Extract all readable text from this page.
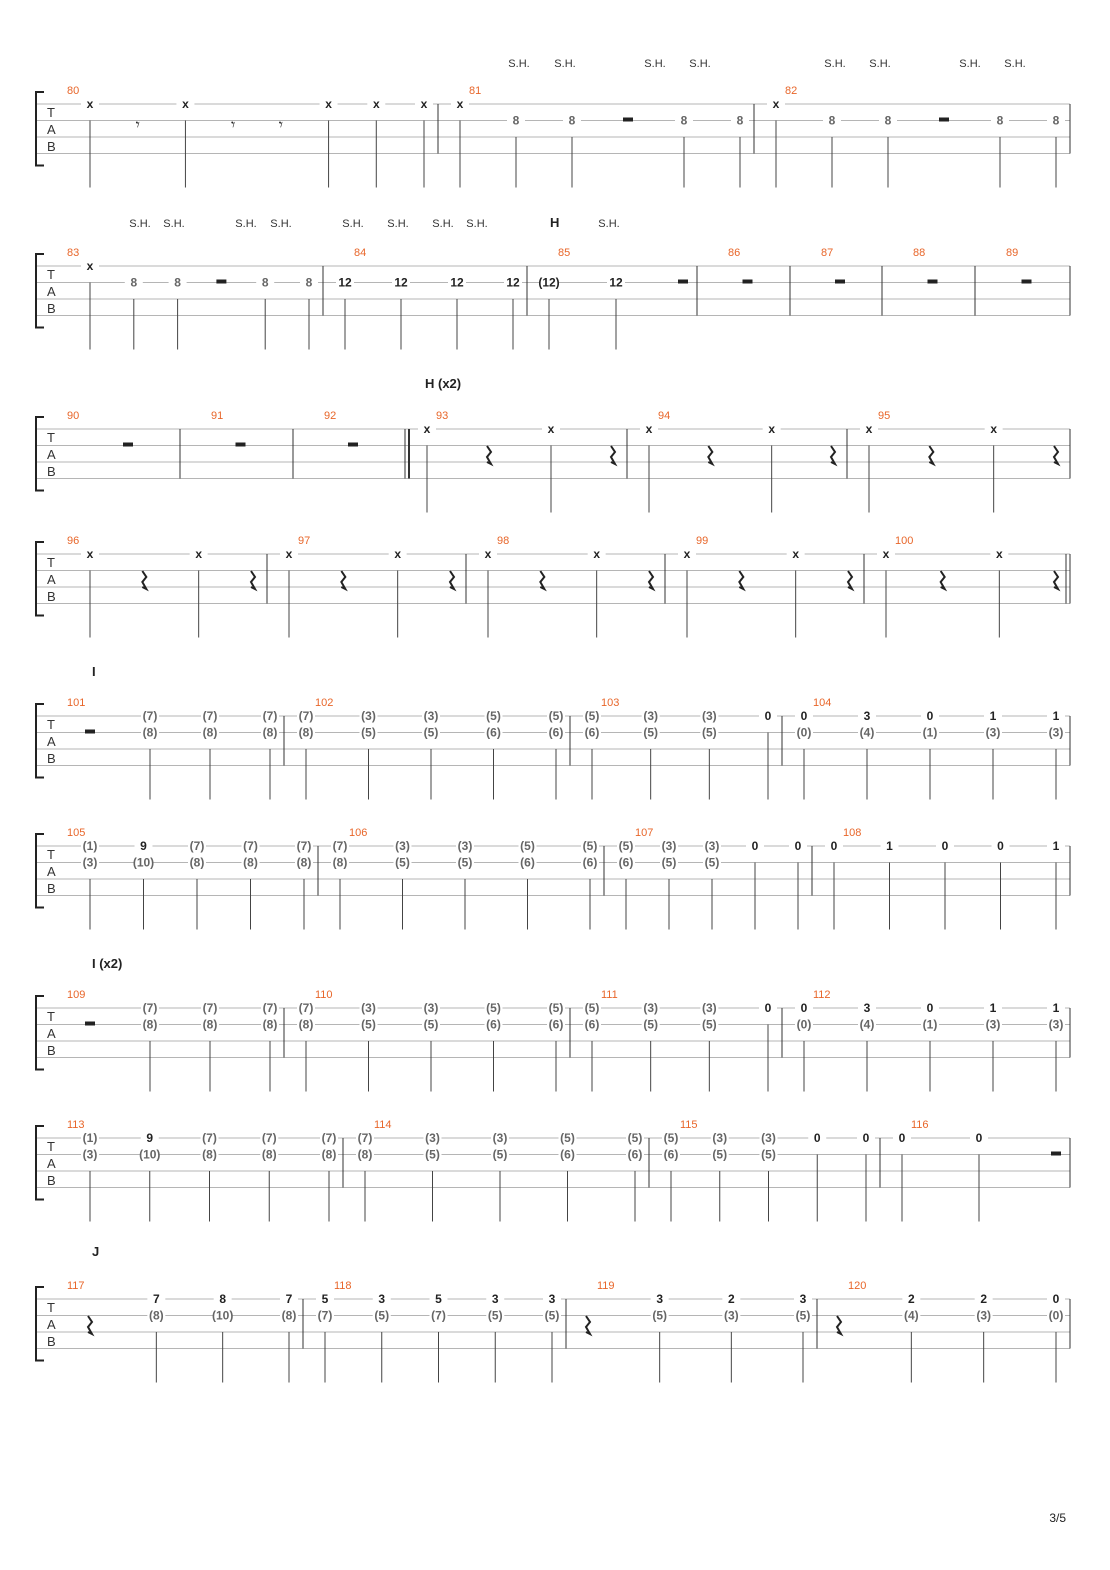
T
A
B
S.H. S.H.	S.H. S.H.	S.H. S.H.	S.H. S.H.
80
x
𝄾
x
𝄾	𝄾
x	x	x
81
x
8	8	8	8
82
x
8	8	8	8
T
A
B
H
S.H. S.H.	S.H. S.H.	S.H. S.H. S.H. S.H.	S.H.
83
x
8	8	8	8
84
12	12	12	12
85
(12)	12
86	87	88	89
T
A
B
H (x2)
90	91	92	93
x	x
94
x	x
95
x	x
T
A
B
96
x	x
97
x	x
98
x	x
99
x	x
100
x	x
T
A
B
I
101
(7)
(8)
(7)
(8)
(7)
(8)
102
(7)
(8)
(3)
(5)
(3)
(5)
(5)
(6)
(5)
(6)
103
(5)
(6)
(3)
(5)
(3)
(5)
0
104
0
(0)
3
(4)
0
(1)
1
(3)
1
(3)
T
A
B
105
(1)
(3)
9
(10)
(7)
(8)
(7)
(8)
(7)
(8)
106
(7)
(8)
(3)
(5)
(3)
(5)
(5)
(6)
(5)
(6)
107
(5)
(6)
(3)
(5)
(3)
(5)
0	0
108
0	1	0	0	1
T
A
B
I (x2)
109
(7)
(8)
(7)
(8)
(7)
(8)
110
(7)
(8)
(3)
(5)
(3)
(5)
(5)
(6)
(5)
(6)
111
(5)
(6)
(3)
(5)
(3)
(5)
0
112
0
(0)
3
(4)
0
(1)
1
(3)
1
(3)
T
A
B
113
(1)
(3)
9
(10)
(7)
(8)
(7)
(8)
(7)
(8)
114
(7)
(8)
(3)
(5)
(3)
(5)
(5)
(6)
(5)
(6)
115
(5)
(6)
(3)
(5)
(3)
(5)
0	0
116
0	0
T
A
B
J
117
7
(8)
8
(10)
7
(8)
118
5
(7)
3
(5)
5
(7)
3
(5)
3
(5)
119
3
(5)
2
(3)
3
(5)
120
2
(4)
2
(3)
0
(0)
3/5
